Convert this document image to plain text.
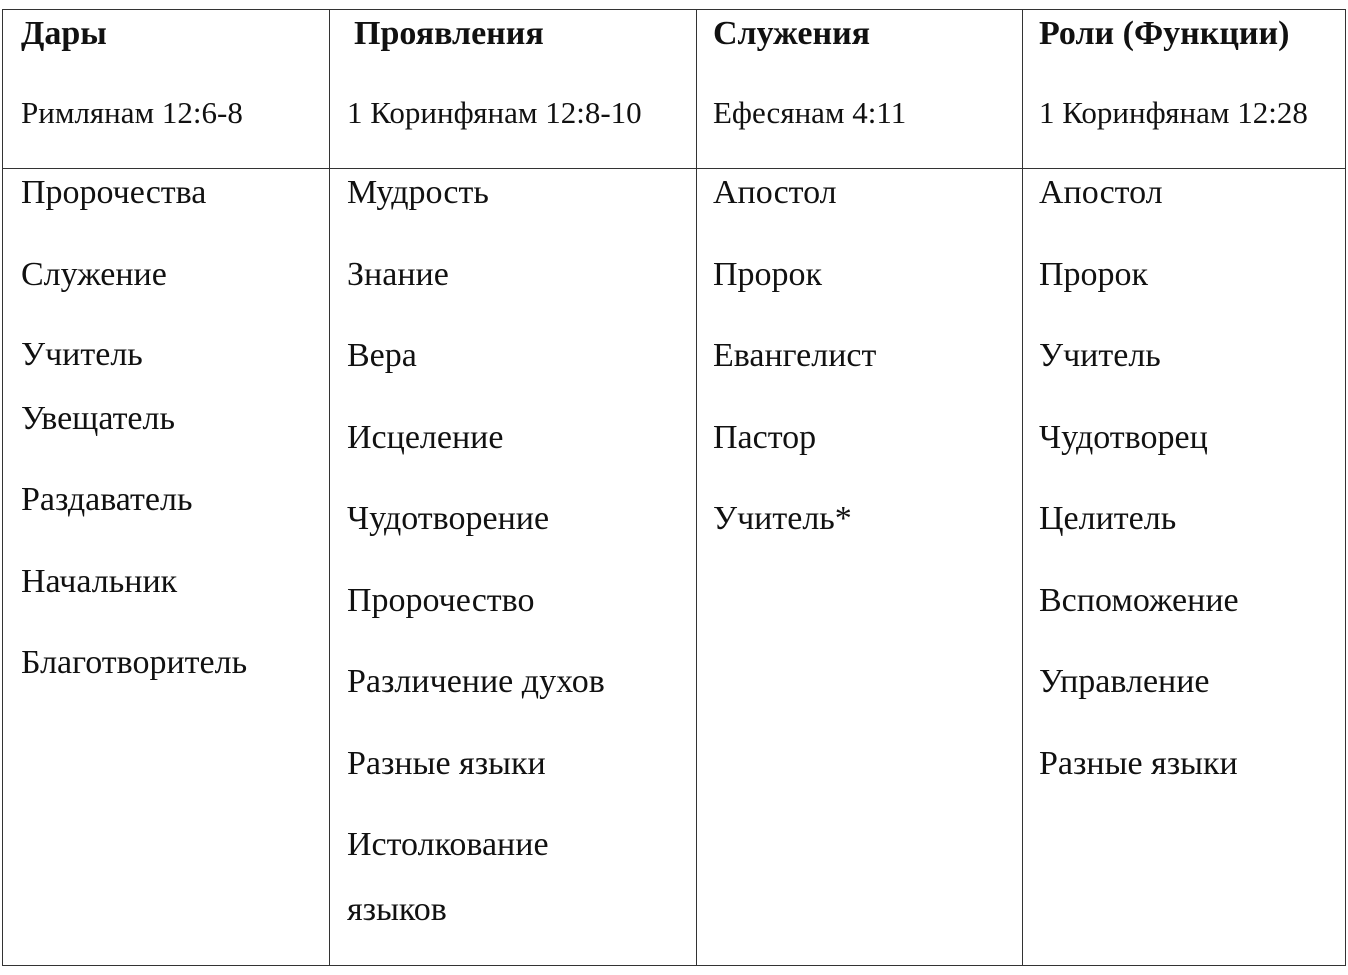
Дары
Римлянам 12:6-8
Пророчества
Служение
Учитель
Увещатель
Раздаватель
Начальник
Благотворитель
Проявления
1 Коринфянам 12:8-10
Мудрость
Знание
Вера
Исцеление
Чудотворение
Пророчество
Различение духов
Разные языки
Истолкование
языков
Служения
Ефесянам 4:11
Апостол
Пророк
Евангелист
Пастор
Учитель*
Роли (Функции)
1 Коринфянам 12:28
Апостол
Пророк
Учитель
Чудотворец
Целитель
Вспоможение
Управление
Разные языки
